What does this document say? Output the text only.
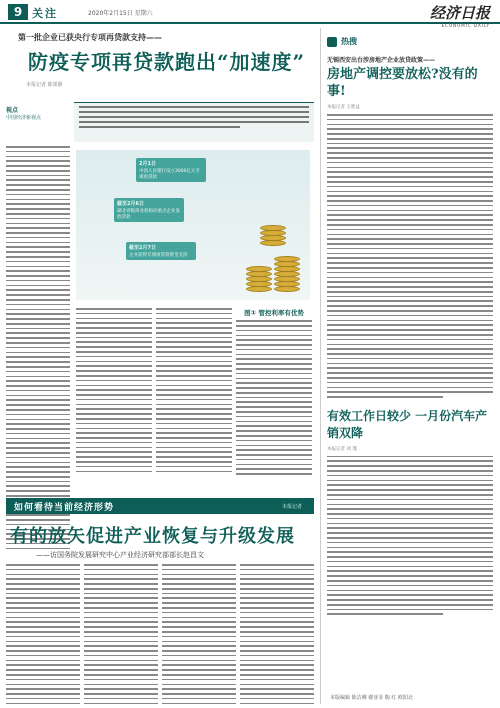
9 关注	2020年2月15日 星期六	经济日报
ECONOMIC DAILY
第一批企业已获央行专项再贷款支持——
防疫专项再贷款跑出“加速度”
本报记者 陈果静
视点
中国经济新视点
2月1日
中国人民银行设立3000亿元专项再贷款
截至2月6日
湖北省级商业机构向重点企业发放贷款
截至2月7日
企业获得专项再贷款资金支持
图① 管控利率有优势
如何看待当前经济形势	本报记者
有的放矢促进产业恢复与升级发展
——访国务院发展研究中心产业经济研究部部长赵昌文
热搜
无锡西安出台涉房地产企业放贷政策——
房地产调控要放松?没有的事!
本报记者 王胜益
有效工作日较少 一月份汽车产销双降
本报记者 刘 瑾
本版编辑 陈洁琳 谢亚菲 陶 红 欧阳北
